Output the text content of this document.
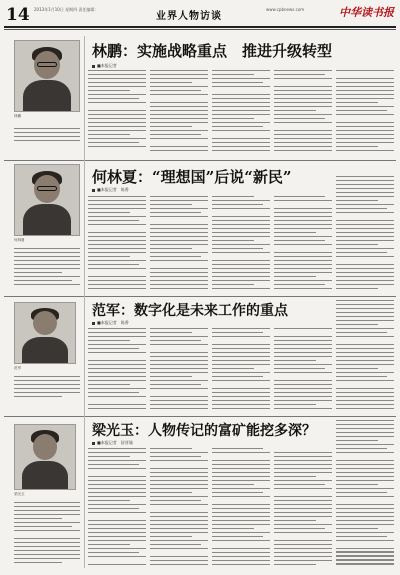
14 2013年1月10日 星期四 责任编辑：
业界人物访谈
www.cpbnews.com	中华读书报
林鹏：实施战略重点　推进升级转型
■本报记者
林鹏
何林夏：“理想国”后说“新民”
■本报记者　陈香
何林夏
范军：数字化是未来工作的重点
■本报记者　陈香
范军
梁光玉：人物传记的富矿能挖多深？
■本报记者　舒晋瑜
梁光玉
